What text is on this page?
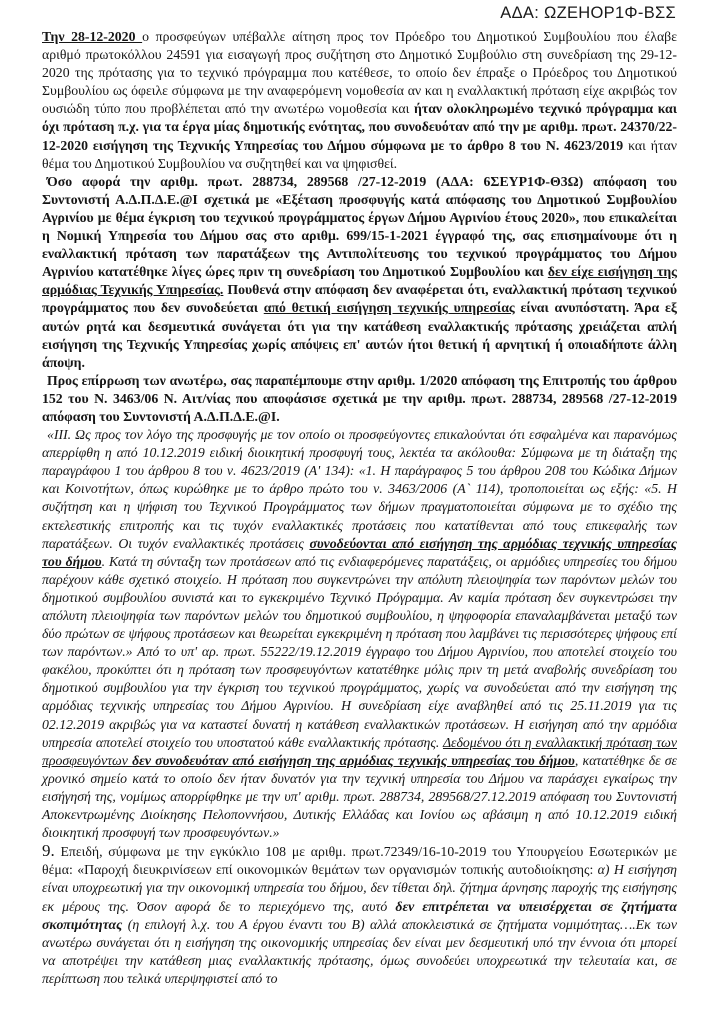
ΑΔΑ: ΩΖΕΗΟΡ1Φ-ΒΣΣ

Την 28-12-2020 ο προσφεύγων υπέβαλλε αίτηση προς τον Πρόεδρο του Δημοτικού Συμβουλίου που έλαβε αριθμό πρωτοκόλλου 24591 για εισαγωγή προς συζήτηση στο Δημοτικό Συμβούλιο στη συνεδρίαση της 29-12-2020 της πρότασης για το τεχνικό πρόγραμμα που κατέθεσε, το οποίο δεν έπραξε ο Πρόεδρος του Δημοτικού Συμβουλίου ως όφειλε σύμφωνα με την αναφερόμενη νομοθεσία αν και η εναλλακτική πρόταση είχε ακριβώς τον ουσιώδη τύπο που προβλέπεται από την ανωτέρω νομοθεσία και ήταν ολοκληρωμένο τεχνικό πρόγραμμα και όχι πρόταση π.χ. για τα έργα μίας δημοτικής ενότητας, που συνοδευόταν από την με αριθμ. πρωτ. 24370/22-12-2020 εισήγηση της Τεχνικής Υπηρεσίας του Δήμου σύμφωνα με το άρθρο 8 του Ν. 4623/2019 και ήταν θέμα του Δημοτικού Συμβουλίου να συζητηθεί και να ψηφισθεί.

Όσο αφορά την αριθμ. πρωτ. 288734, 289568 /27-12-2019 (ΑΔΑ: 6ΣΕΥΡ1Φ-Θ3Ω) απόφαση του Συντονιστή Α.Δ.Π.Δ.Ε.@Ι σχετικά με «Εξέταση προσφυγής κατά απόφασης του Δημοτικού Συμβουλίου Αγρινίου με θέμα έγκριση του τεχνικού προγράμματος έργων Δήμου Αγρινίου έτους 2020», που επικαλείται η Νομική Υπηρεσία του Δήμου σας στο αριθμ. 699/15-1-2021 έγγραφό της, σας επισημαίνουμε ότι η εναλλακτική πρόταση των παρατάξεων της Αντιπολίτευσης του τεχνικού προγράμματος του Δήμου Αγρινίου κατατέθηκε λίγες ώρες πριν τη συνεδρίαση του Δημοτικού Συμβουλίου και δεν είχε εισήγηση της αρμόδιας Τεχνικής Υπηρεσίας. Πουθενά στην απόφαση δεν αναφέρεται ότι, εναλλακτική πρόταση τεχνικού προγράμματος που δεν συνοδεύεται από θετική εισήγηση τεχνικής υπηρεσίας είναι ανυπόστατη. Άρα εξ αυτών ρητά και δεσμευτικά συνάγεται ότι για την κατάθεση εναλλακτικής πρότασης χρειάζεται απλή εισήγηση της Τεχνικής Υπηρεσίας χωρίς απόψεις επ' αυτών ήτοι θετική ή αρνητική ή οποιαδήποτε άλλη άποψη.

Προς επίρρωση των ανωτέρω, σας παραπέμπουμε στην αριθμ. 1/2020 απόφαση της Επιτροπής του άρθρου 152 του Ν. 3463/06 Ν. Αιτ/νίας που αποφάσισε σχετικά με την αριθμ. πρωτ. 288734, 289568 /27-12-2019 απόφαση του Συντονιστή Α.Δ.Π.Δ.Ε.@Ι.

«ΙΙΙ. Ως προς τον λόγο της προσφυγής με τον οποίο οι προσφεύγοντες επικαλούνται ότι εσφαλμένα και παρανόμως απερρίφθη η από 10.12.2019 ειδική διοικητική προσφυγή τους, λεκτέα τα ακόλουθα: Σύμφωνα με τη διάταξη της παραγράφου 1 του άρθρου 8 του ν. 4623/2019 (Α' 134): «1. Η παράγραφος 5 του άρθρου 208 του Κώδικα Δήμων και Κοινοτήτων, όπως κυρώθηκε με το άρθρο πρώτο του ν. 3463/2006 (Α` 114), τροποποιείται ως εξής: «5. Η συζήτηση και η ψήφιση του Τεχνικού Προγράμματος των δήμων πραγματοποιείται σύμφωνα με το σχέδιο της εκτελεστικής επιτροπής και τις τυχόν εναλλακτικές προτάσεις που κατατίθενται από τους επικεφαλής των παρατάξεων. Οι τυχόν εναλλακτικές προτάσεις συνοδεύονται από εισήγηση της αρμόδιας τεχνικής υπηρεσίας του δήμου. Κατά τη σύνταξη των προτάσεων από τις ενδιαφερόμενες παρατάξεις, οι αρμόδιες υπηρεσίες του δήμου παρέχουν κάθε σχετικό στοιχείο. Η πρόταση που συγκεντρώνει την απόλυτη πλειοψηφία των παρόντων μελών του δημοτικού συμβουλίου συνιστά και το εγκεκριμένο Τεχνικό Πρόγραμμα. Αν καμία πρόταση δεν συγκεντρώσει την απόλυτη πλειοψηφία των παρόντων μελών του δημοτικού συμβουλίου, η ψηφοφορία επαναλαμβάνεται μεταξύ των δύο πρώτων σε ψήφους προτάσεων και θεωρείται εγκεκριμένη η πρόταση που λαμβάνει τις περισσότερες ψήφους επί των παρόντων.» Από το υπ' αρ. πρωτ. 55222/19.12.2019 έγγραφο του Δήμου Αγρινίου, που αποτελεί στοιχείο του φακέλου, προκύπτει ότι η πρόταση των προσφευγόντων κατατέθηκε μόλις πριν τη μετά αναβολής συνεδρίαση του δημοτικού συμβουλίου για την έγκριση του τεχνικού προγράμματος, χωρίς να συνοδεύεται από την εισήγηση της αρμόδιας τεχνικής υπηρεσίας του Δήμου Αγρινίου. Η συνεδρίαση είχε αναβληθεί από τις 25.11.2019 για τις 02.12.2019 ακριβώς για να καταστεί δυνατή η κατάθεση εναλλακτικών προτάσεων. Η εισήγηση από την αρμόδια υπηρεσία αποτελεί στοιχείο του υποστατού κάθε εναλλακτικής πρότασης. Δεδομένου ότι η εναλλακτική πρόταση των προσφευγόντων δεν συνοδευόταν από εισήγηση της αρμόδιας τεχνικής υπηρεσίας του δήμου, κατατέθηκε δε σε χρονικό σημείο κατά το οποίο δεν ήταν δυνατόν για την τεχνική υπηρεσία του Δήμου να παράσχει εγκαίρως την εισήγησή της, νομίμως απορρίφθηκε με την υπ' αριθμ. πρωτ. 288734, 289568/27.12.2019 απόφαση του Συντονιστή Αποκεντρωμένης Διοίκησης Πελοποννήσου, Δυτικής Ελλάδας και Ιονίου ως αβάσιμη η από 10.12.2019 ειδική διοικητική προσφυγή των προσφευγόντων.»

9. Επειδή, σύμφωνα με την εγκύκλιο 108 με αριθμ. πρωτ.72349/16-10-2019 του Υπουργείου Εσωτερικών με θέμα: «Παροχή διευκρινίσεων επί οικονομικών θεμάτων των οργανισμών τοπικής αυτοδιοίκησης: α) Η εισήγηση είναι υποχρεωτική για την οικονομική υπηρεσία του δήμου, δεν τίθεται δηλ. ζήτημα άρνησης παροχής της εισήγησης εκ μέρους της. Όσον αφορά δε το περιεχόμενο της, αυτό δεν επιτρέπεται να υπεισέρχεται σε ζητήματα σκοπιμότητας (η επιλογή λ.χ. του Α έργου έναντι του Β) αλλά αποκλειστικά σε ζητήματα νομιμότητας….Εκ των ανωτέρω συνάγεται ότι η εισήγηση της οικονομικής υπηρεσίας δεν είναι μεν δεσμευτική υπό την έννοια ότι μπορεί να αποτρέψει την κατάθεση μιας εναλλακτικής πρότασης, όμως συνοδεύει υποχρεωτικά την τελευταία και, σε περίπτωση που τελικά υπερψηφιστεί από το
